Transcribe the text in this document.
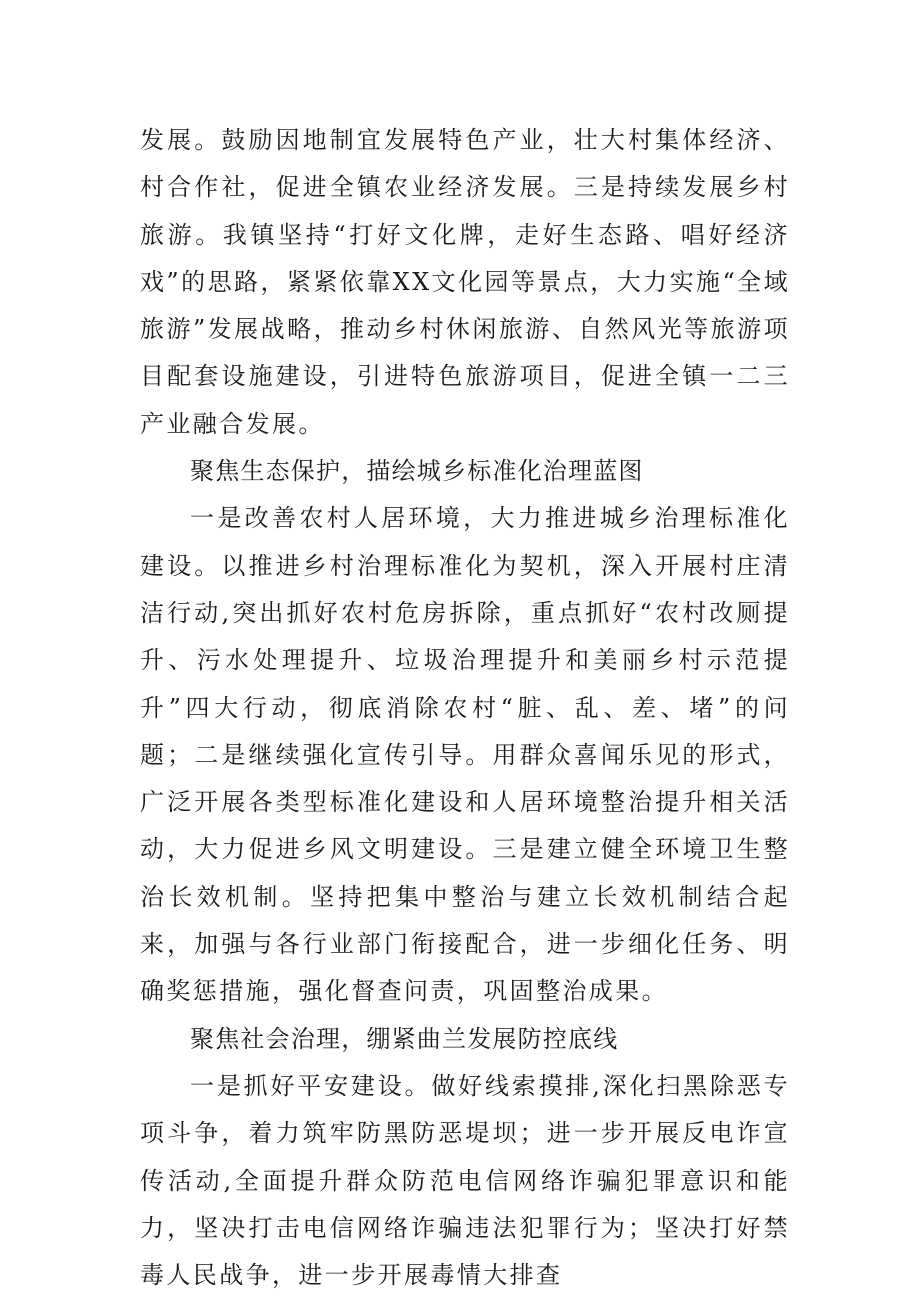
发展。鼓励因地制宜发展特色产业，壮大村集体经济、村合作社，促进全镇农业经济发展。三是持续发展乡村旅游。我镇坚持“打好文化牌，走好生态路、唱好经济戏”的思路，紧紧依靠XX文化园等景点，大力实施“全域旅游”发展战略，推动乡村休闲旅游、自然风光等旅游项目配套设施建设，引进特色旅游项目，促进全镇一二三产业融合发展。

聚焦生态保护，描绘城乡标准化治理蓝图

一是改善农村人居环境，大力推进城乡治理标准化建设。以推进乡村治理标准化为契机，深入开展村庄清洁行动,突出抓好农村危房拆除，重点抓好“农村改厕提升、污水处理提升、垃圾治理提升和美丽乡村示范提升”四大行动，彻底消除农村“脏、乱、差、堵”的问题；二是继续强化宣传引导。用群众喜闻乐见的形式，广泛开展各类型标准化建设和人居环境整治提升相关活动，大力促进乡风文明建设。三是建立健全环境卫生整治长效机制。坚持把集中整治与建立长效机制结合起来，加强与各行业部门衔接配合，进一步细化任务、明确奖惩措施，强化督查问责，巩固整治成果。

聚焦社会治理，绷紧曲兰发展防控底线

一是抓好平安建设。做好线索摸排,深化扫黑除恶专项斗争，着力筑牢防黑防恶堤坝；进一步开展反电诈宣传活动,全面提升群众防范电信网络诈骗犯罪意识和能力，坚决打击电信网络诈骗违法犯罪行为；坚决打好禁毒人民战争，进一步开展毒情大排查
